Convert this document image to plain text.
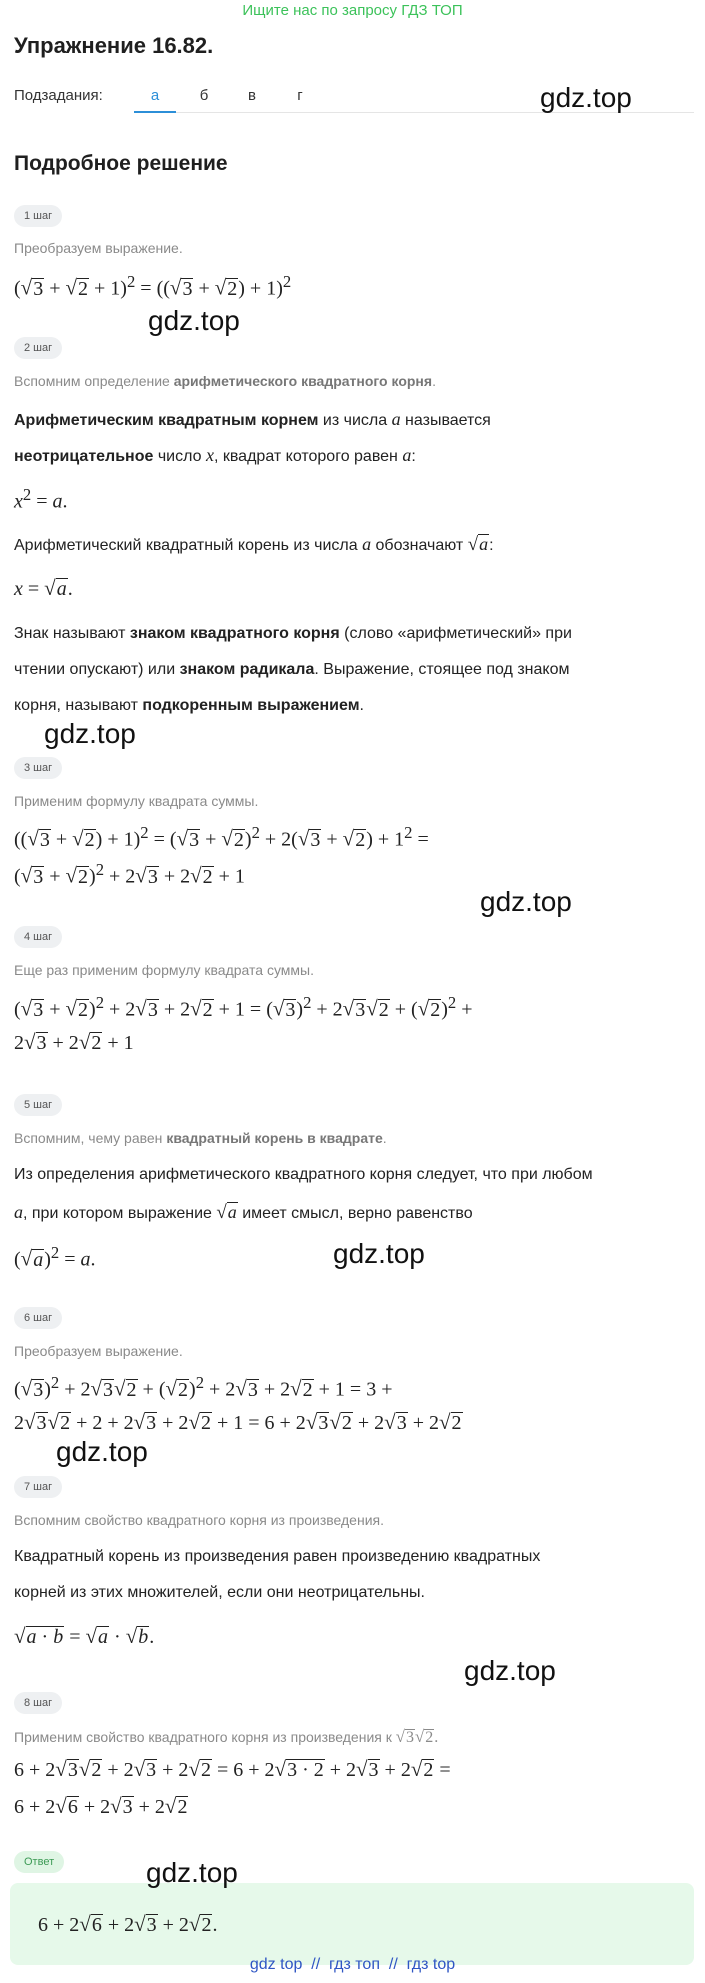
Ищите нас по запросу ГДЗ ТОП
Упражнение 16.82.
Подзадания:	а	б	в	г	gdz.top
Подробное решение
1 шаг
Преобразуем выражение.
$(√3 + √2 + 1)^2 = ((√3 + √2) + 1)^2$
gdz.top
2 шаг
Вспомним определение арифметического квадратного корня.
Арифметическим квадратным корнем из числа a называется
неотрицательное число x, квадрат которого равен a:
$x^2 = a$.
Арифметический квадратный корень из числа a обозначают √a:
x = √a.
Знак называют знаком квадратного корня (слово «арифметический» при
чтении опускают) или знаком радикала. Выражение, стоящее под знаком
корня, называют подкоренным выражением.
gdz.top
3 шаг
Применим формулу квадрата суммы.
$((√3 + √2) + 1)^2 = (√3 + √2)^2 + 2(√3 + √2) + 1^2$ =
$(√3 + √2)^2 + 2√3 + 2√2 + 1$
gdz.top
4 шаг
Еще раз применим формулу квадрата суммы.
$(√3 + √2)^2 + 2√3 + 2√2 + 1 = (√3)^2 + 2√3√2 + (√2)^2$ +
2√3 + 2√2 + 1
5 шаг
Вспомним, чему равен квадратный корень в квадрате.
Из определения арифметического квадратного корня следует, что при любом
a, при котором выражение √a имеет смысл, верно равенство
$(√a)^2 = a$.	gdz.top
6 шаг
Преобразуем выражение.
$(√3)^2 + 2√3√2 + (√2)^2 + 2√3 + 2√2 + 1 = 3$ +
2√3√2 + 2 + 2√3 + 2√2 + 1 = 6 + 2√3√2 + 2√3 + 2√2
gdz.top
7 шаг
Вспомним свойство квадратного корня из произведения.
Квадратный корень из произведения равен произведению квадратных
корней из этих множителей, если они неотрицательны.
√a · b = √a · √b.
gdz.top
8 шаг
Применим свойство квадратного корня из произведения к √3√2.
6 + 2√3√2 + 2√3 + 2√2 = 6 + 2√3 · 2 + 2√3 + 2√2 =
6 + 2√6 + 2√3 + 2√2
Ответ	gdz.top
6 + 2√6 + 2√3 + 2√2.
gdz top  //  гдз топ  //  гдз top
